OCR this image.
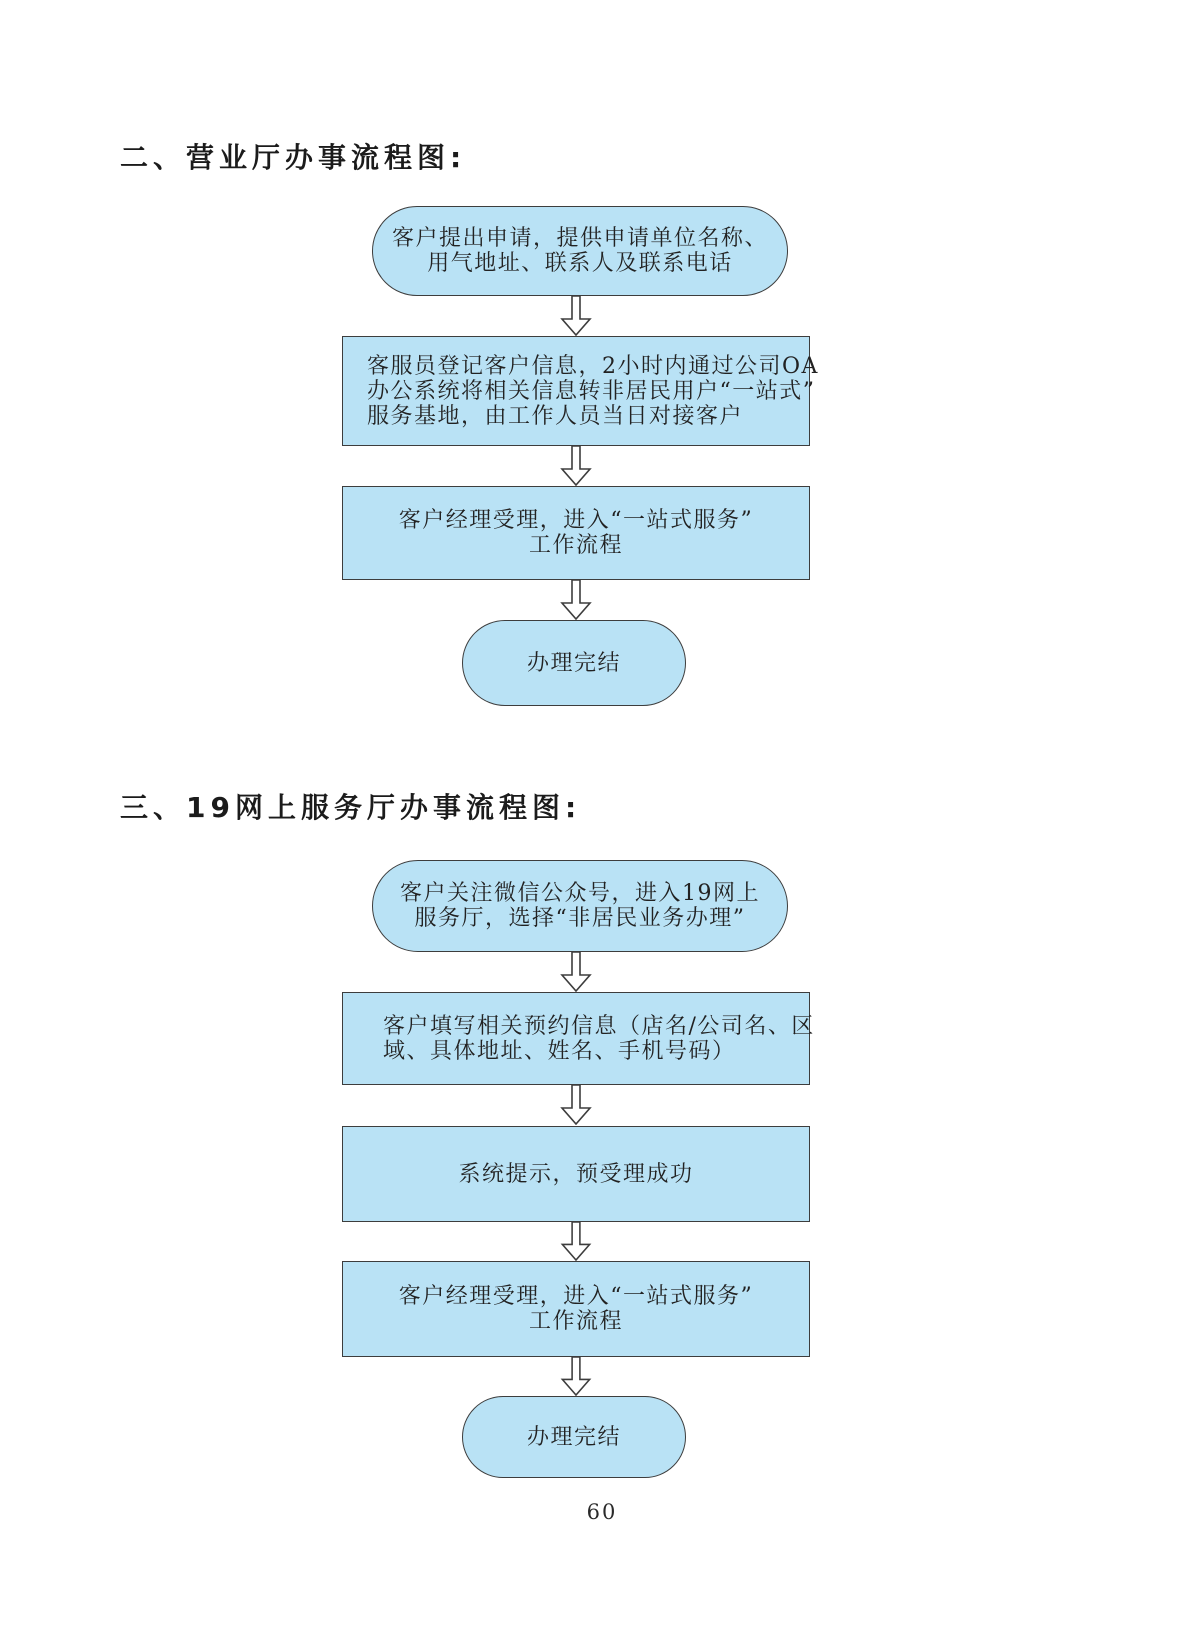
二、营业厅办事流程图:
客户提出申请，提供申请单位名称、
用气地址、联系人及联系电话
客服员登记客户信息，2小时内通过公司OA
办公系统将相关信息转非居民用户“一站式”
服务基地，由工作人员当日对接客户
客户经理受理，进入“一站式服务”
工作流程
办理完结
三、19网上服务厅办事流程图:
客户关注微信公众号，进入19网上
服务厅，选择“非居民业务办理”
客户填写相关预约信息（店名/公司名、区
域、具体地址、姓名、手机号码）
系统提示，预受理成功
客户经理受理，进入“一站式服务”
工作流程
办理完结
60
